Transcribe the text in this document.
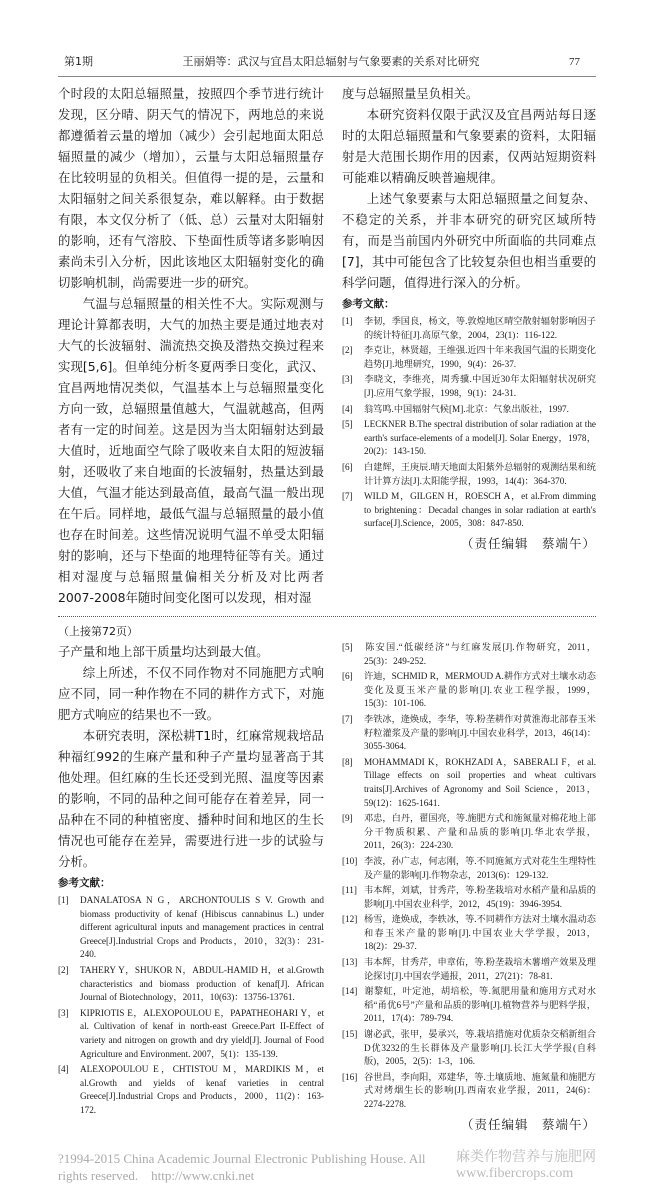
第1期	王丽娟等：武汉与宜昌太阳总辐射与气象要素的关系对比研究	77

个时段的太阳总辐照量，按照四个季节进行统计发现，区分晴、阴天气的情况下，两地总的来说都遵循着云量的增加（减少）会引起地面太阳总辐照量的减少（增加），云量与太阳总辐照量存在比较明显的负相关。但值得一提的是，云量和太阳辐射之间关系很复杂，难以解释。由于数据有限，本文仅分析了（低、总）云量对太阳辐射的影响，还有气溶胶、下垫面性质等诸多影响因素尚未引入分析，因此该地区太阳辐射变化的确切影响机制，尚需要进一步的研究。

气温与总辐照量的相关性不大。实际观测与理论计算都表明，大气的加热主要是通过地表对大气的长波辐射、湍流热交换及潜热交换过程来实现[5,6]。但单纯分析冬夏两季日变化，武汉、宜昌两地情况类似，气温基本上与总辐照量变化方向一致，总辐照量值越大，气温就越高，但两者有一定的时间差。这是因为当太阳辐射达到最大值时，近地面空气除了吸收来自太阳的短波辐射，还吸收了来自地面的长波辐射，热量达到最大值，气温才能达到最高值，最高气温一般出现在午后。同样地，最低气温与总辐照量的最小值也存在时间差。这些情况说明气温不单受太阳辐射的影响，还与下垫面的地理特征等有关。通过相对湿度与总辐照量偏相关分析及对比两者2007-2008年随时间变化图可以发现，相对湿

度与总辐照量呈负相关。

本研究资料仅限于武汉及宜昌两站每日逐时的太阳总辐照量和气象要素的资料，太阳辐射是大范围长期作用的因素，仅两站短期资料可能难以精确反映普遍规律。

上述气象要素与太阳总辐照量之间复杂、不稳定的关系，并非本研究的研究区域所特有，而是当前国内外研究中所面临的共同难点[7]，其中可能包含了比较复杂但也相当重要的科学问题，值得进行深入的分析。

参考文献：
[1] 李韧，季国良，杨文，等.敦煌地区晴空散射辐射影响因子的统计特征[J].高原气象，2004，23(1)：116-122.
[2] 李克让，林贤超，王维强.近四十年来我国气温的长期变化趋势[J].地理研究，1990，9(4)：26-37.
[3] 李晓文，李维亮，周秀骥.中国近30年太阳辐射状况研究[J].应用气象学报，1998，9(1)：24-31.
[4] 翁笃鸣.中国辐射气候[M].北京：气象出版社，1997.
[5] LECKNER B.The spectral distribution of solar radiation at the earth's surface-elements of a model[J]. Solar Energy，1978，20(2)：143-150.
[6] 白建辉，王庚辰.晴天地面太阳紫外总辐射的观测结果和统计计算方法[J].太阳能学报，1993，14(4)：364-370.
[7] WILD M，GILGEN H，ROESCH A，et al.From dimming to brightening：Decadal changes in solar radiation at earth's surface[J].Science，2005，308：847-850.
（责任编辑　蔡端午）
（上接第72页）

子产量和地上部干质量均达到最大值。

综上所述，不仅不同作物对不同施肥方式响应不同，同一种作物在不同的耕作方式下，对施肥方式响应的结果也不一致。

本研究表明，深松耕T1时，红麻常规栽培品种福红992的生麻产量和种子产量均显著高于其他处理。但红麻的生长还受到光照、温度等因素的影响，不同的品种之间可能存在着差异，同一品种在不同的种植密度、播种时间和地区的生长情况也可能存在差异，需要进行进一步的试验与分析。

参考文献：
[1] DANALATOSA N G，ARCHONTOULIS S V. Growth and biomass productivity of kenaf (Hibiscus cannabinus L.) under different agricultural inputs and management practices in central Greece[J].Industrial Crops and Products，2010，32(3)：231-240.
[2] TAHERY Y，SHUKOR N，ABDUL-HAMID H，et al.Growth characteristics and biomass production of kenaf[J]. African Journal of Biotechnology，2011，10(63)：13756-13761.
[3] KIPRIOTIS E，ALEXOPOULOU E，PAPATHEOHARI Y，et al. Cultivation of kenaf in north-east Greece.Part II-Effect of variety and nitrogen on growth and dry yield[J]. Journal of Food Agriculture and Environment. 2007，5(1)：135-139.
[4] ALEXOPOULOU E，CHTISTOU M，MARDIKIS M，et al.Growth and yields of kenaf varieties in central Greece[J].Industrial Crops and Products，2000，11(2)：163-172.
[5] 陈安国.“低碳经济”与红麻发展[J].作物研究，2011，25(3)：249-252.
[6] 许迪，SCHMID R，MERMOUD A.耕作方式对土壤水动态变化及夏玉米产量的影响[J].农业工程学报，1999，15(3)：101-106.
[7] 李铁冰，逄焕成，李华，等.粉垄耕作对黄淮海北部春玉米籽粒灌浆及产量的影响[J].中国农业科学，2013，46(14)：3055-3064.
[8] MOHAMMADI K，ROKHZADI A，SABERALI F，et al. Tillage effects on soil properties and wheat cultivars traits[J].Archives of Agronomy and Soil Science，2013，59(12)：1625-1641.
[9] 邓忠，白丹，翟国亮，等.施肥方式和施氮量对棉花地上部分干物质积累、产量和品质的影响[J].华北农学报，2011，26(3)：224-230.
[10] 李波，孙广志，何志刚，等.不同施氮方式对花生生理特性及产量的影响[J].作物杂志，2013(6)：129-132.
[11] 韦本辉，刘斌，甘秀芹，等.粉垄栽培对水稻产量和品质的影响[J].中国农业科学，2012，45(19)：3946-3954.
[12] 杨雪，逄焕成，李轶冰，等.不同耕作方法对土壤水温动态和春玉米产量的影响[J].中国农业大学学报，2013，18(2)：29-37.
[13] 韦本辉，甘秀芹，申章佑，等.粉垄栽培木薯增产效果及理论探讨[J].中国农学通报，2011，27(21)：78-81.
[14] 谢黎虹，叶定池，胡培松，等.氮肥用量和施用方式对水稻“甬优6号”产量和品质的影响[J].植物营养与肥料学报，2011，17(4)：789-794.
[15] 谢必武，张甲，晏承兴，等.栽培措施对优质杂交稻新组合D优3232的生长群体及产量影响[J].长江大学学报(自科版)，2005，2(5)：1-3，106.
[16] 谷世昌，李向阳，邓建华，等.土壤质地、施氮量和施肥方式对烤烟生长的影响[J].西南农业学报，2011，24(6)：2274-2278.
（责任编辑　蔡端午）
?1994-2015 China Academic Journal Electronic Publishing House. All rights reserved.　http://www.cnki.net
麻类作物营养与施肥网
www.fibercrops.com
